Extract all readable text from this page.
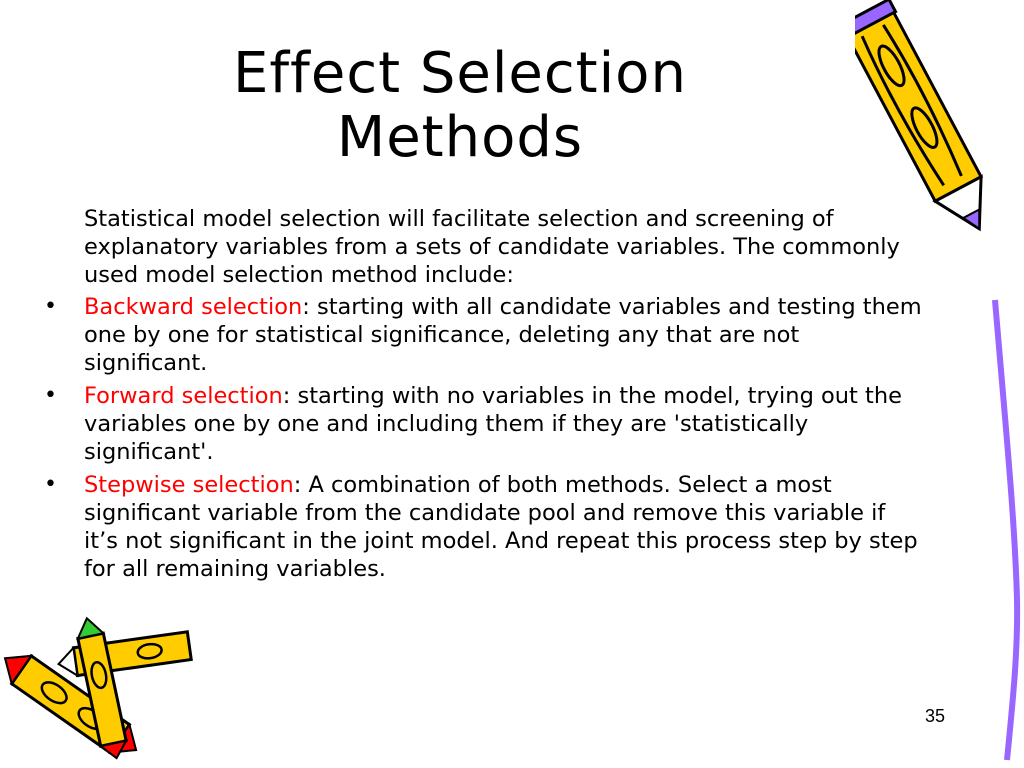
Effect Selection
Methods

Statistical model selection will facilitate selection and screening of explanatory variables from a sets of candidate variables. The commonly used model selection method include:

•	Backward selection: starting with all candidate variables and testing them one by one for statistical significance, deleting any that are not significant.
•	Forward selection: starting with no variables in the model, trying out the variables one by one and including them if they are 'statistically significant'.
•	Stepwise selection: A combination of both methods. Select a most significant variable from the candidate pool and remove this variable if it’s not significant in the joint model. And repeat this process step by step for all remaining variables.
35
